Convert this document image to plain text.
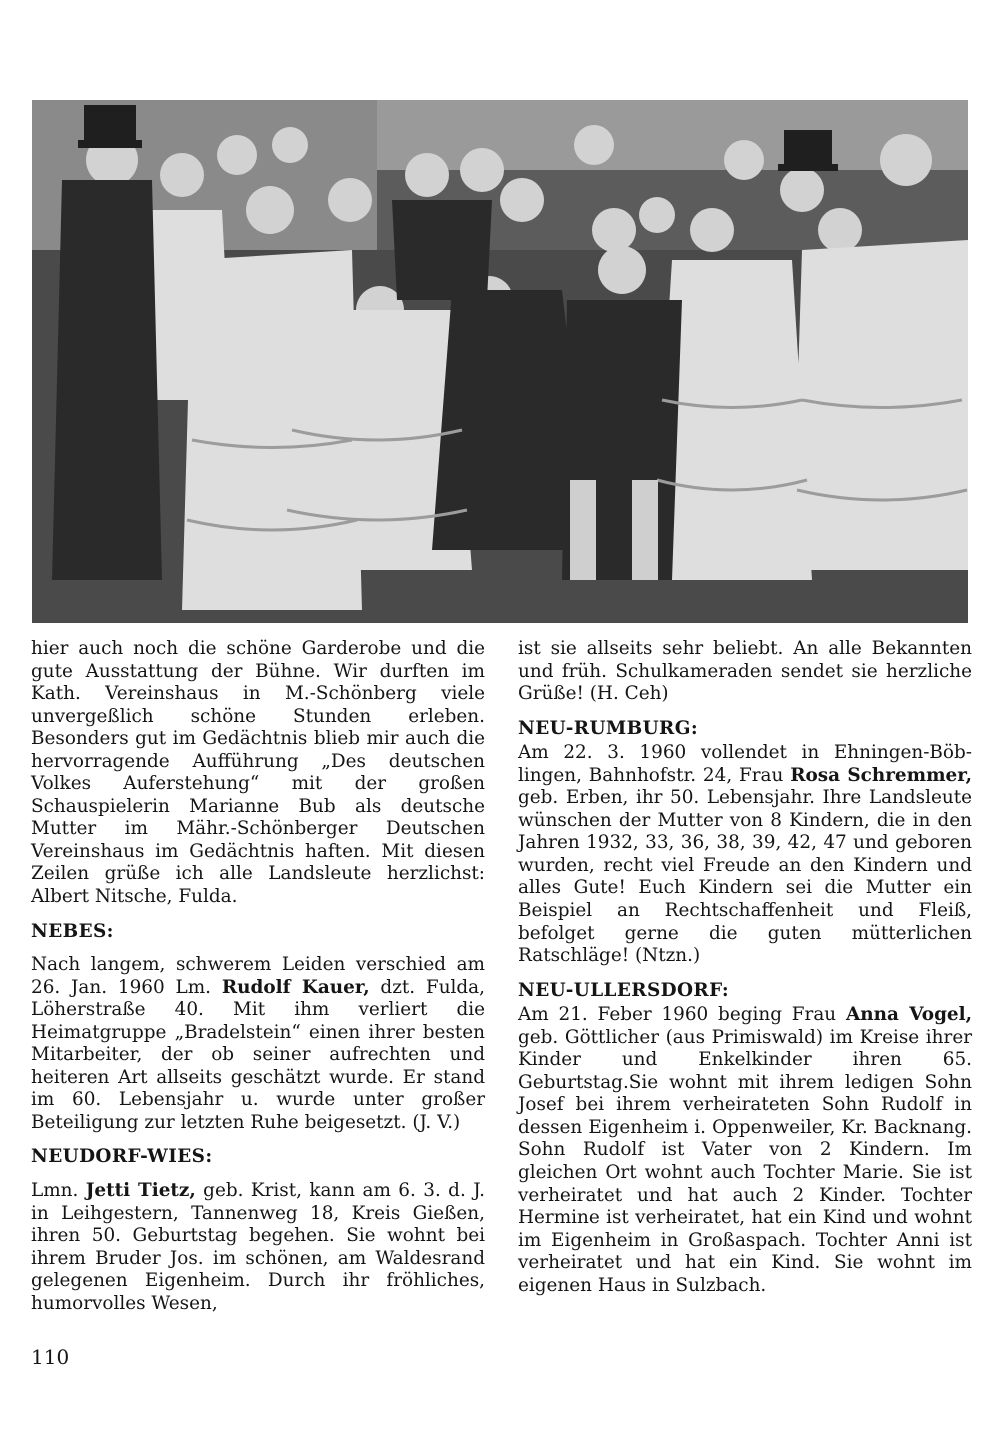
hier auch noch die schöne Garderobe und die gute Ausstattung der Bühne. Wir durften im Kath. Vereinshaus in M.-Schönberg viele unvergeßlich schöne Stunden erleben. Besonders gut im Gedächtnis blieb mir auch die hervorragende Aufführung „Des deutschen Volkes Auferstehung“ mit der großen Schauspielerin Marianne Bub als deutsche Mutter im Mähr.-Schönberger Deutschen Vereinshaus im Gedächtnis haften. Mit diesen Zeilen grüße ich alle Landsleute herzlichst: Albert Nitsche, Fulda.

NEBES:

Nach langem, schwerem Leiden verschied am 26. Jan. 1960 Lm. Rudolf Kauer, dzt. Fulda, Löherstraße 40. Mit ihm verliert die Heimatgruppe „Bradelstein“ einen ihrer besten Mitarbeiter, der ob seiner aufrechten und heiteren Art allseits geschätzt wurde. Er stand im 60. Lebensjahr u. wurde unter großer Beteiligung zur letzten Ruhe beigesetzt. (J. V.)

NEUDORF-WIES:

Lmn. Jetti Tietz, geb. Krist, kann am 6. 3. d. J. in Leihgestern, Tannenweg 18, Kreis Gießen, ihren 50. Geburtstag begehen. Sie wohnt bei ihrem Bruder Jos. im schönen, am Waldesrand gelegenen Eigenheim. Durch ihr fröhliches, humorvolles Wesen,

ist sie allseits sehr beliebt. An alle Bekannten und früh. Schulkameraden sendet sie herzliche Grüße! (H. Ceh)

NEU-RUMBURG:

Am 22. 3. 1960 vollendet in Ehningen-Böblingen, Bahnhofstr. 24, Frau Rosa Schremmer, geb. Erben, ihr 50. Lebensjahr. Ihre Landsleute wünschen der Mutter von 8 Kindern, die in den Jahren 1932, 33, 36, 38, 39, 42, 47 und geboren wurden, recht viel Freude an den Kindern und alles Gute! Euch Kindern sei die Mutter ein Beispiel an Rechtschaffenheit und Fleiß, befolget gerne die guten mütterlichen Ratschläge! (Ntzn.)

NEU-ULLERSDORF:

Am 21. Feber 1960 beging Frau Anna Vogel, geb. Göttlicher (aus Primiswald) im Kreise ihrer Kinder und Enkelkinder ihren 65. Geburtstag.Sie wohnt mit ihrem ledigen Sohn Josef bei ihrem verheirateten Sohn Rudolf in dessen Eigenheim i. Oppenweiler, Kr. Backnang. Sohn Rudolf ist Vater von 2 Kindern. Im gleichen Ort wohnt auch Tochter Marie. Sie ist verheiratet und hat auch 2 Kinder. Tochter Hermine ist verheiratet, hat ein Kind und wohnt im Eigenheim in Großaspach. Tochter Anni ist verheiratet und hat ein Kind. Sie wohnt im eigenen Haus in Sulzbach.

110
